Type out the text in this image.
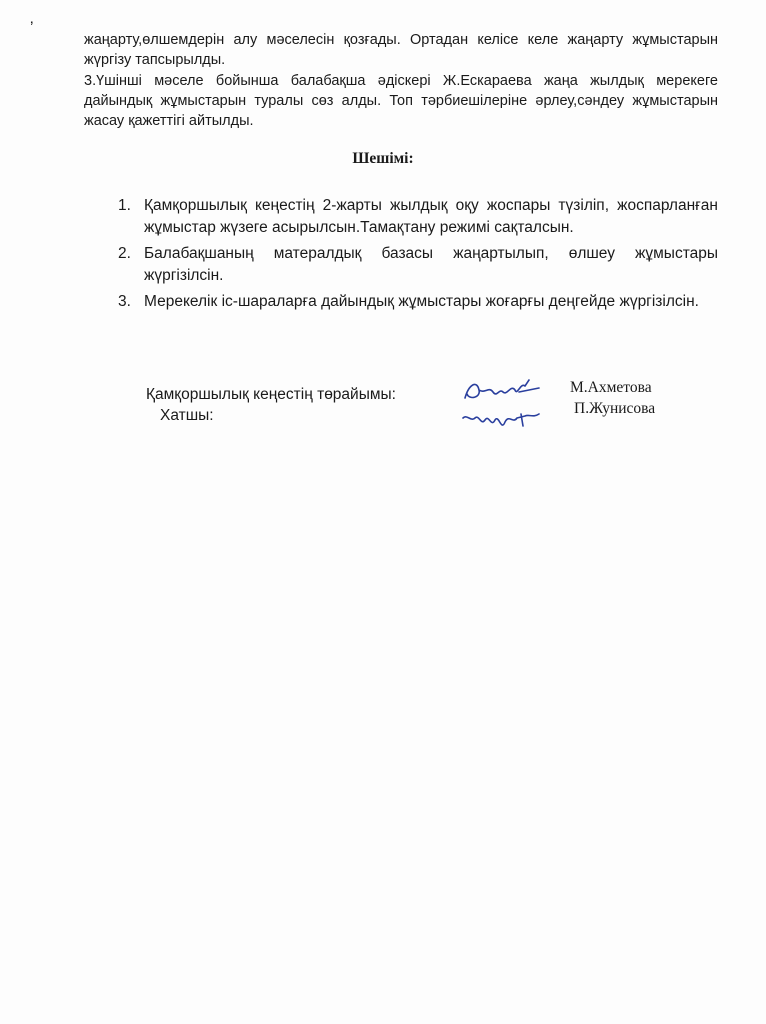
ʼ

жаңарту,өлшемдерін алу мәселесін қозғады. Ортадан келісе келе жаңарту жұмыстарын жүргізу тапсырылды.

3.Үшінші мәселе бойынша балабақша әдіскері Ж.Ескараева жаңа жылдық мерекеге дайындық жұмыстарын туралы сөз алды. Топ тәрбиешілеріне әрлеу,сәндеу жұмыстарын жасау қажеттігі айтылды.

Шешімі:
1. Қамқоршылық кеңестің 2-жарты жылдық оқу жоспары түзіліп, жоспарланған жұмыстар жүзеге асырылсын.Тамақтану режимі сақталсын.
2. Балабақшаның матералдық базасы жаңартылып, өлшеу жұмыстары жүргізілсін.
3. Мерекелік іс-шараларға дайындық жұмыстары жоғарғы деңгейде жүргізілсін.
Қамқоршылық кеңестің төрайымы:
Хатшы:
М.Ахметова
П.Жунисова
